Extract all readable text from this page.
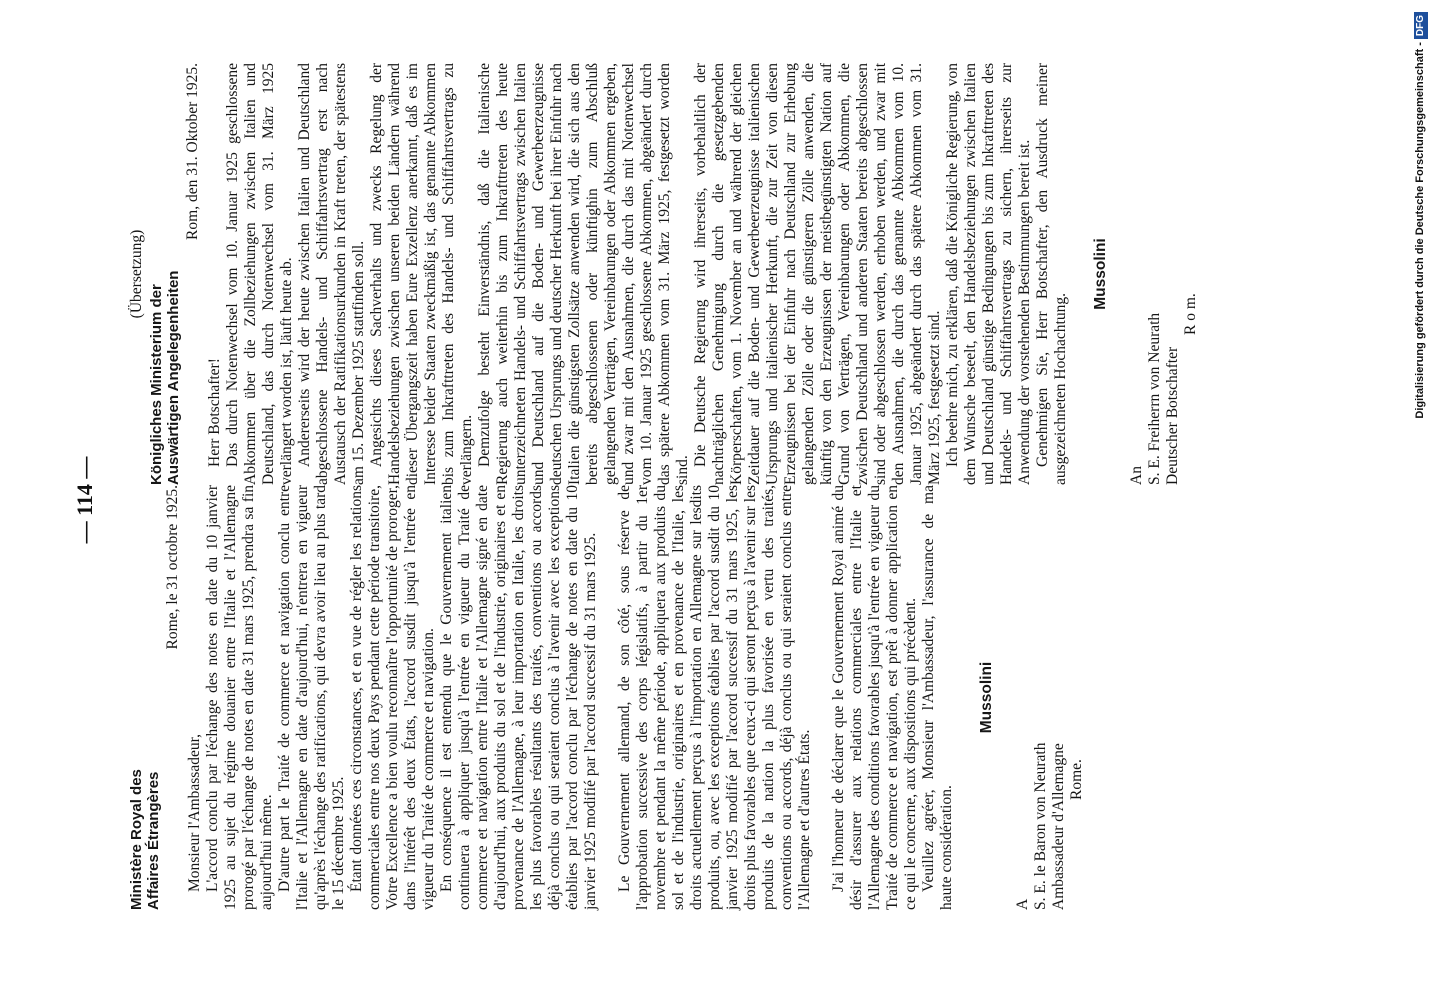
— 114 —

Ministère Royal des Affaires Étrangères

Rome, le 31 octobre 1925.

Monsieur l'Ambassadeur, L'accord conclu par l'échange des notes en date du 10 janvier 1925 au sujet du régime douanier entre l'Italie et l'Allemagne prorogé par l'échange de notes en date 31 mars 1925, prendra sa fin aujourd'hui même. D'autre part le Traité de commerce et navigation conclu entre l'Italie et l'Allemagne en date d'aujourd'hui, n'entrera en vigueur qu'après l'échange des ratifications, qui devra avoir lieu au plus tard le 15 décembre 1925. Étant données ces circonstances, et en vue de régler les relations commerciales entre nos deux Pays pendant cette période transitoire, Votre Excellence a bien voulu reconnaître l'opportunité de proroger, dans l'intérêt des deux États, l'accord susdit jusqu'à l'entrée en vigueur du Traité de commerce et navigation. En conséquence il est entendu que le Gouvernement italien continuera à appliquer jusqu'à l'entrée en vigueur du Traité de commerce et navigation entre l'Italie et l'Allemagne signé en date d'aujourd'hui, aux produits du sol et de l'industrie, originaires et en provenance de l'Allemagne, à leur importation en Italie, les droits les plus favorables résultants des traités, conventions ou accords déjà conclus ou qui seraient conclus à l'avenir avec les exceptions établies par l'accord conclu par l'échange de notes en date du 10 janvier 1925 modifié par l'accord successif du 31 mars 1925. Le Gouvernement allemand, de son côté, sous réserve de l'approbation successive des corps législatifs, à partir du 1er novembre et pendant la même période, appliquera aux produits du sol et de l'industrie, originaires et en provenance de l'Italie, les droits actuellement perçus à l'importation en Allemagne sur lesdits produits, ou, avec les exceptions établies par l'accord susdit du 10 janvier 1925 modifié par l'accord successif du 31 mars 1925, les droits plus favorables que ceux-ci qui seront perçus à l'avenir sur les produits de la nation la plus favorisée en vertu des traités, conventions ou accords, déjà conclus ou qui seraient conclus entre l'Allemagne et d'autres États. J'ai l'honneur de déclarer que le Gouvernement Royal animé du désir d'assurer aux relations commerciales entre l'Italie et l'Allemagne des conditions favorables jusqu'à l'entrée en vigueur du Traité de commerce et navigation, est prêt à donner application en ce qui le concerne, aux dispositions qui précèdent. Veuillez agréer, Monsieur l'Ambassadeur, l'assurance de ma haute considération.

Mussolini

A S. E. le Baron von Neurath Ambassadeur d'Allemagne Rome.

(Übersetzung)

Königliches Ministerium der Auswärtigen Angelegenheiten

Rom, den 31. Oktober 1925.

Herr Botschafter! Das durch Notenwechsel vom 10. Januar 1925 geschlossene Abkommen über die Zollbeziehungen zwischen Italien und Deutschland, das durch Notenwechsel vom 31. März 1925 verlängert worden ist, läuft heute ab. Andererseits wird der heute zwischen Italien und Deutschland abgeschlossene Handels- und Schiffahrtsvertrag erst nach Austausch der Ratifikationsurkunden in Kraft treten, der spätestens am 15. Dezember 1925 stattfinden soll. Angesichts dieses Sachverhalts und zwecks Regelung der Handelsbeziehungen zwischen unseren beiden Ländern während dieser Übergangszeit haben Eure Exzellenz anerkannt, daß es im Interesse beider Staaten zweckmäßig ist, das genannte Abkommen bis zum Inkrafttreten des Handels- und Schiffahrtsvertrags zu verlängern. Demzufolge besteht Einverständnis, daß die Italienische Regierung auch weiterhin bis zum Inkrafttreten des heute unterzeichneten Handels- und Schiffahrtsvertrags zwischen Italien und Deutschland auf die Boden- und Gewerbeerzeugnisse deutschen Ursprungs und deutscher Herkunft bei ihrer Einfuhr nach Italien die günstigsten Zollsätze anwenden wird, die sich aus den bereits abgeschlossenen oder künftighin zum Abschluß gelangenden Verträgen, Vereinbarungen oder Abkommen ergeben, und zwar mit den Ausnahmen, die durch das mit Notenwechsel vom 10. Januar 1925 geschlossene Abkommen, abgeändert durch das spätere Abkommen vom 31. März 1925, festgesetzt worden sind.

Die Deutsche Regierung wird ihrerseits, vorbehaltlich der nachträglichen Genehmigung durch die gesetzgebenden Körperschaften, vom 1. November an und während der gleichen Zeitdauer auf die Boden- und Gewerbeerzeugnisse italienischen Ursprungs und italienischer Herkunft, die zur Zeit von diesen Erzeugnissen bei der Einfuhr nach Deutschland zur Erhebung gelangenden Zölle oder die günstigeren Zölle anwenden, die künftig von den Erzeugnissen der meistbegünstigten Nation auf Grund von Verträgen, Vereinbarungen oder Abkommen, die zwischen Deutschland und anderen Staaten bereits abgeschlossen sind oder abgeschlossen werden, erhoben werden, und zwar mit den Ausnahmen, die durch das genannte Abkommen vom 10. Januar 1925, abgeändert durch das spätere Abkommen vom 31. März 1925, festgesetzt sind. Ich beehre mich, zu erklären, daß die Königliche Regierung, von dem Wunsche beseelt, den Handelsbeziehungen zwischen Italien und Deutschland günstige Bedingungen bis zum Inkrafttreten des Handels- und Schiffahrtsvertrags zu sichern, ihrerseits zur Anwendung der vorstehenden Bestimmungen bereit ist. Genehmigen Sie, Herr Botschafter, den Ausdruck meiner ausgezeichneten Hochachtung.

Mussolini

An S. E. Freiherrn von Neurath Deutscher Botschafter

R o m.	Digitalisierung gefördert durch die Deutsche Forschungsgemeinschaft -DFG
